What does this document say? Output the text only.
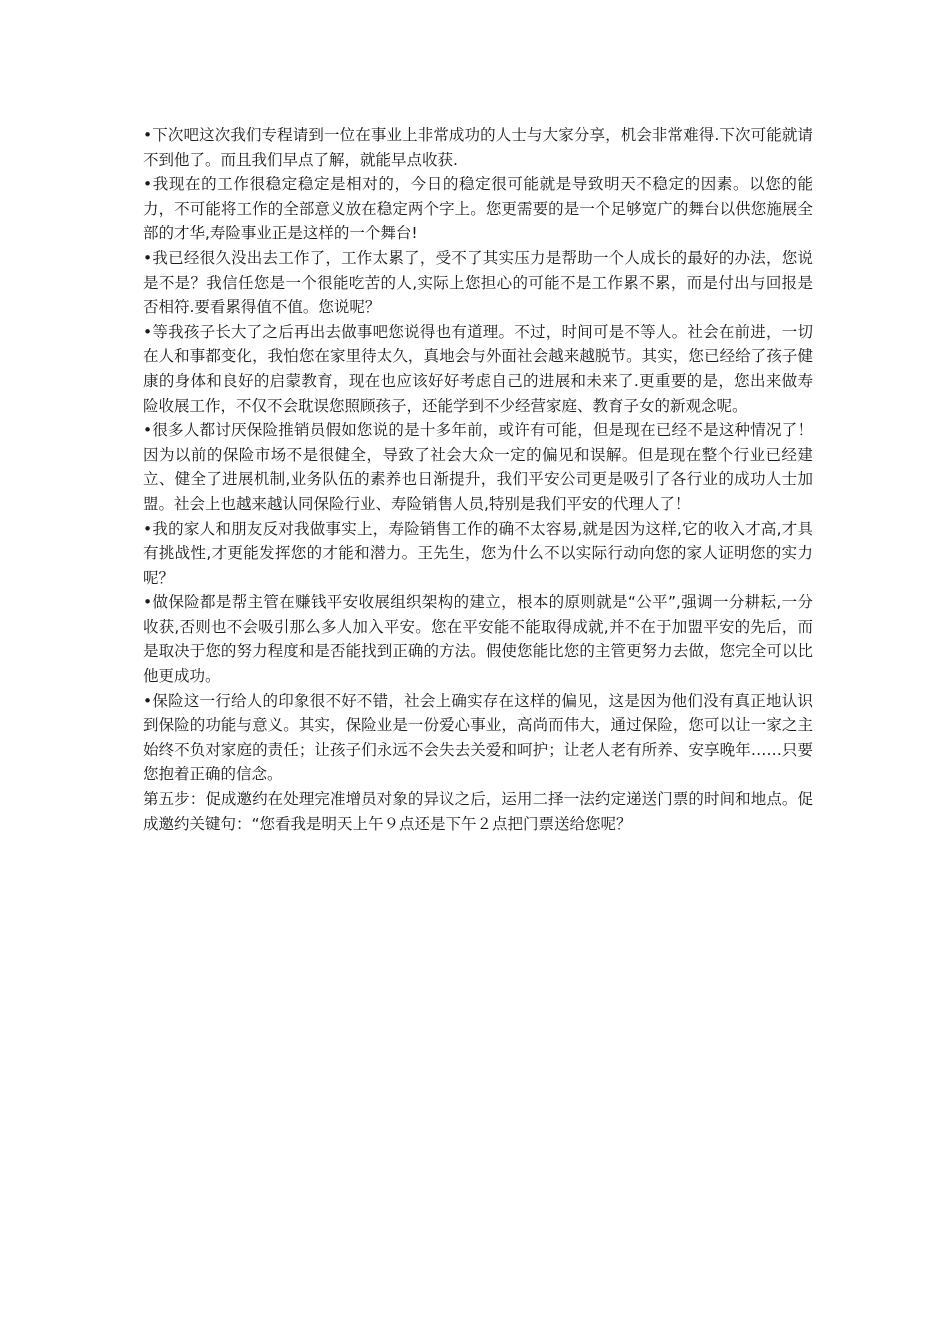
•下次吧这次我们专程请到一位在事业上非常成功的人士与大家分享，机会非常难得.下次可能就请不到他了。而且我们早点了解，就能早点收获.

•我现在的工作很稳定稳定是相对的，今日的稳定很可能就是导致明天不稳定的因素。以您的能力，不可能将工作的全部意义放在稳定两个字上。您更需要的是一个足够宽广的舞台以供您施展全部的才华,寿险事业正是这样的一个舞台!

•我已经很久没出去工作了，工作太累了，受不了其实压力是帮助一个人成长的最好的办法，您说是不是？我信任您是一个很能吃苦的人,实际上您担心的可能不是工作累不累，而是付出与回报是否相符.要看累得值不值。您说呢？

•等我孩子长大了之后再出去做事吧您说得也有道理。不过，时间可是不等人。社会在前进，一切在人和事都变化，我怕您在家里待太久，真地会与外面社会越来越脱节。其实，您已经给了孩子健康的身体和良好的启蒙教育，现在也应该好好考虑自己的进展和未来了.更重要的是，您出来做寿险收展工作，不仅不会耽误您照顾孩子，还能学到不少经营家庭、教育子女的新观念呢。

•很多人都讨厌保险推销员假如您说的是十多年前，或许有可能，但是现在已经不是这种情况了！因为以前的保险市场不是很健全，导致了社会大众一定的偏见和误解。但是现在整个行业已经建立、健全了进展机制,业务队伍的素养也日渐提升，我们平安公司更是吸引了各行业的成功人士加盟。社会上也越来越认同保险行业、寿险销售人员,特别是我们平安的代理人了！

•我的家人和朋友反对我做事实上，寿险销售工作的确不太容易,就是因为这样,它的收入才高,才具有挑战性,才更能发挥您的才能和潜力。王先生，您为什么不以实际行动向您的家人证明您的实力呢？

•做保险都是帮主管在赚钱平安收展组织架构的建立，根本的原则就是“公平”,强调一分耕耘,一分收获,否则也不会吸引那么多人加入平安。您在平安能不能取得成就,并不在于加盟平安的先后，而是取决于您的努力程度和是否能找到正确的方法。假使您能比您的主管更努力去做，您完全可以比他更成功。

•保险这一行给人的印象很不好不错，社会上确实存在这样的偏见，这是因为他们没有真正地认识到保险的功能与意义。其实，保险业是一份爱心事业，高尚而伟大，通过保险，您可以让一家之主始终不负对家庭的责任；让孩子们永远不会失去关爱和呵护；让老人老有所养、安享晚年……只要您抱着正确的信念。

第五步：促成邀约在处理完准增员对象的异议之后，运用二择一法约定递送门票的时间和地点。促成邀约关键句：“您看我是明天上午９点还是下午２点把门票送给您呢？
